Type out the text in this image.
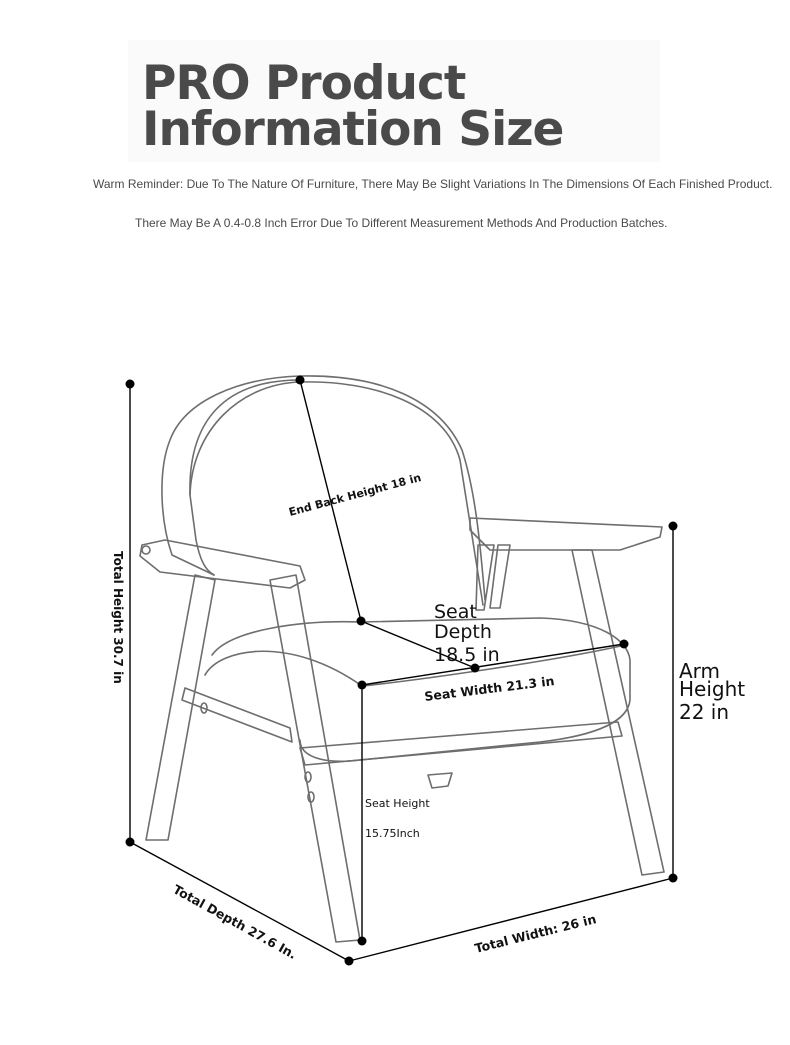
PRO Product
Information Size
Warm Reminder: Due To The Nature Of Furniture, There May Be Slight Variations In The Dimensions Of Each Finished Product.
There May Be A 0.4-0.8 Inch Error Due To Different Measurement Methods And Production Batches.
Total Height 30.7 in
End Back Height 18 in
Seat
Depth
18.5 in
Seat Width 21.3 in
Arm
Height
22 in
Seat Height
15.75Inch
Total Depth 27.6 In.	Total Width: 26 in
